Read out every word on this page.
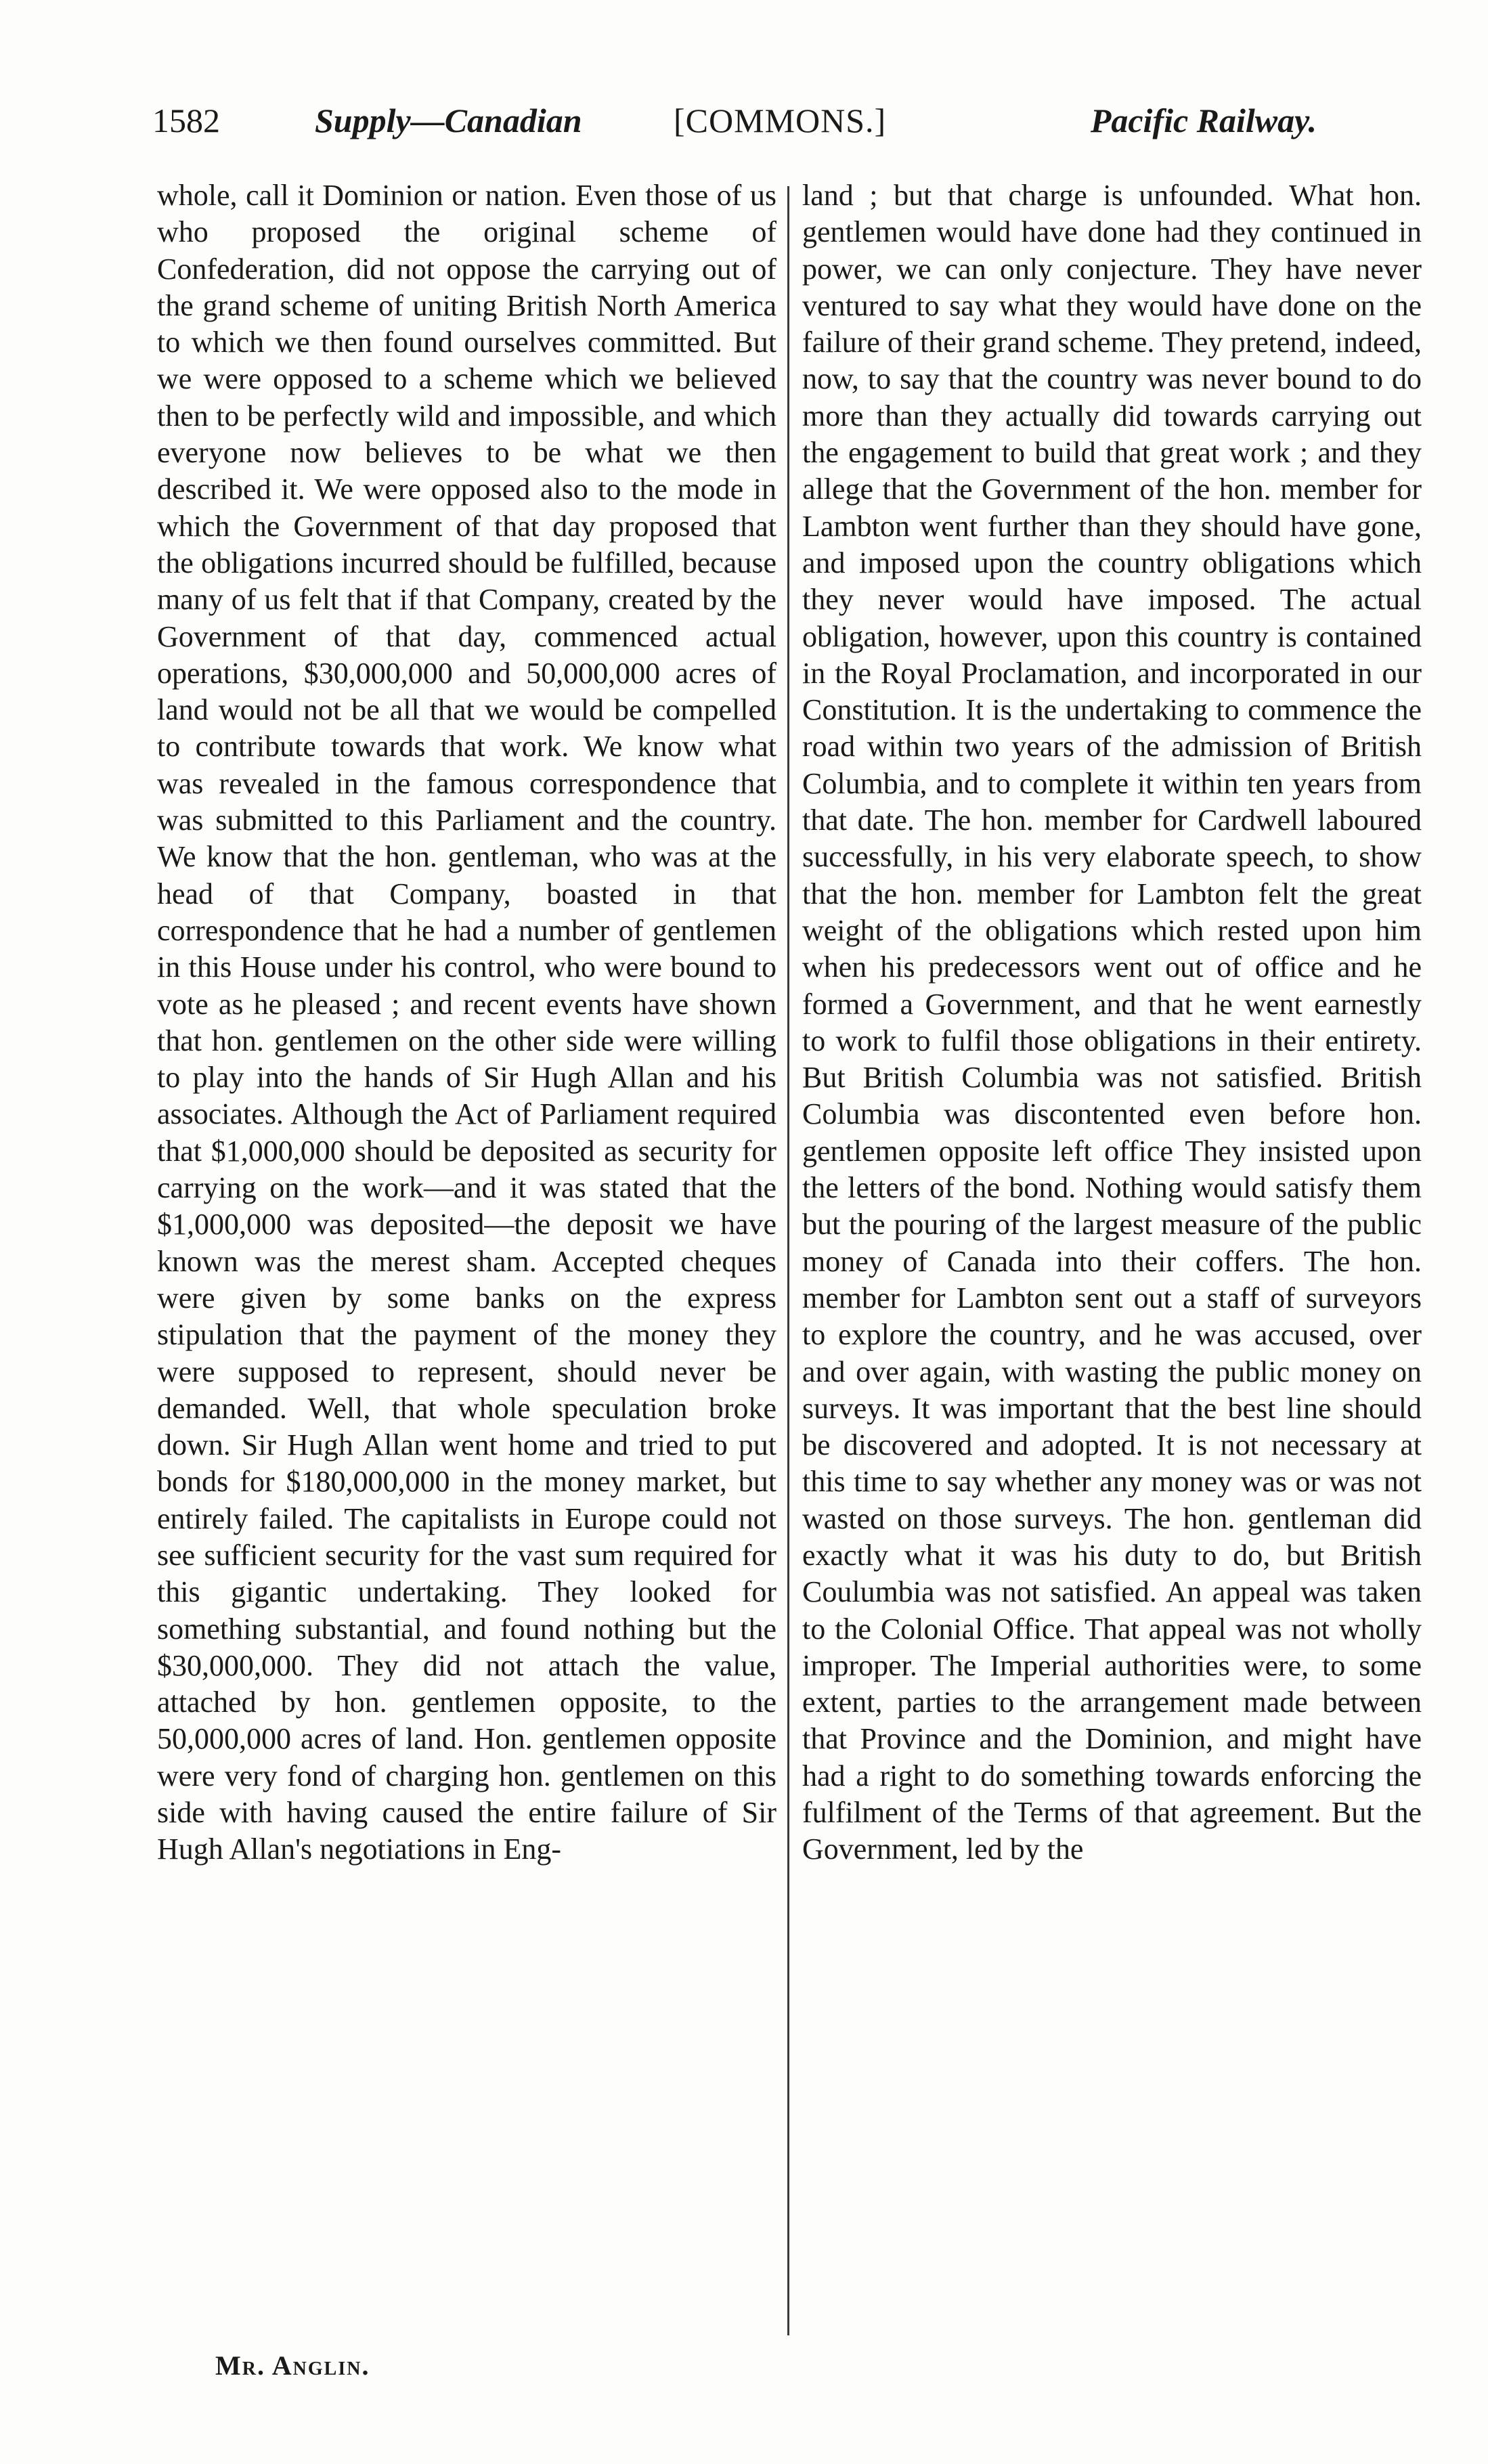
1582	Supply—Canadian	[COMMONS.]	Pacific Railway.

whole, call it Dominion or nation. Even those of us who proposed the original scheme of Confederation, did not oppose the carrying out of the grand scheme of uniting British North America to which we then found ourselves committed. But we were opposed to a scheme which we believed then to be perfectly wild and impossible, and which everyone now believes to be what we then described it. We were opposed also to the mode in which the Government of that day proposed that the obligations incurred should be fulfilled, because many of us felt that if that Company, created by the Government of that day, commenced actual operations, $30,000,000 and 50,000,000 acres of land would not be all that we would be compelled to contribute towards that work. We know what was revealed in the famous correspondence that was submitted to this Parliament and the country. We know that the hon. gentleman, who was at the head of that Company, boasted in that correspondence that he had a number of gentlemen in this House under his control, who were bound to vote as he pleased ; and recent events have shown that hon. gentlemen on the other side were willing to play into the hands of Sir Hugh Allan and his associates. Although the Act of Parliament required that $1,000,000 should be deposited as security for carrying on the work—and it was stated that the $1,000,000 was deposited—the deposit we have known was the merest sham. Accepted cheques were given by some banks on the express stipulation that the payment of the money they were supposed to represent, should never be demanded. Well, that whole speculation broke down. Sir Hugh Allan went home and tried to put bonds for $180,000,000 in the money market, but entirely failed. The capitalists in Europe could not see sufficient security for the vast sum required for this gigantic undertaking. They looked for something substantial, and found nothing but the $30,000,000. They did not attach the value, attached by hon. gentlemen opposite, to the 50,000,000 acres of land. Hon. gentlemen opposite were very fond of charging hon. gentlemen on this side with having caused the entire failure of Sir Hugh Allan's negotiations in Eng-

land ; but that charge is unfounded. What hon. gentlemen would have done had they continued in power, we can only conjecture. They have never ventured to say what they would have done on the failure of their grand scheme. They pretend, indeed, now, to say that the country was never bound to do more than they actually did towards carrying out the engagement to build that great work ; and they allege that the Government of the hon. member for Lambton went further than they should have gone, and imposed upon the country obligations which they never would have imposed. The actual obligation, however, upon this country is contained in the Royal Proclamation, and incorporated in our Constitution. It is the undertaking to commence the road within two years of the admission of British Columbia, and to complete it within ten years from that date. The hon. member for Cardwell laboured successfully, in his very elaborate speech, to show that the hon. member for Lambton felt the great weight of the obligations which rested upon him when his predecessors went out of office and he formed a Government, and that he went earnestly to work to fulfil those obligations in their entirety. But British Columbia was not satisfied. British Columbia was discontented even before hon. gentlemen opposite left office They insisted upon the letters of the bond. Nothing would satisfy them but the pouring of the largest measure of the public money of Canada into their coffers. The hon. member for Lambton sent out a staff of surveyors to explore the country, and he was accused, over and over again, with wasting the public money on surveys. It was important that the best line should be discovered and adopted. It is not necessary at this time to say whether any money was or was not wasted on those surveys. The hon. gentleman did exactly what it was his duty to do, but British Coulumbia was not satisfied. An appeal was taken to the Colonial Office. That appeal was not wholly improper. The Imperial authorities were, to some extent, parties to the arrangement made between that Province and the Dominion, and might have had a right to do something towards enforcing the fulfilment of the Terms of that agreement. But the Government, led by the

Mr. Anglin.
